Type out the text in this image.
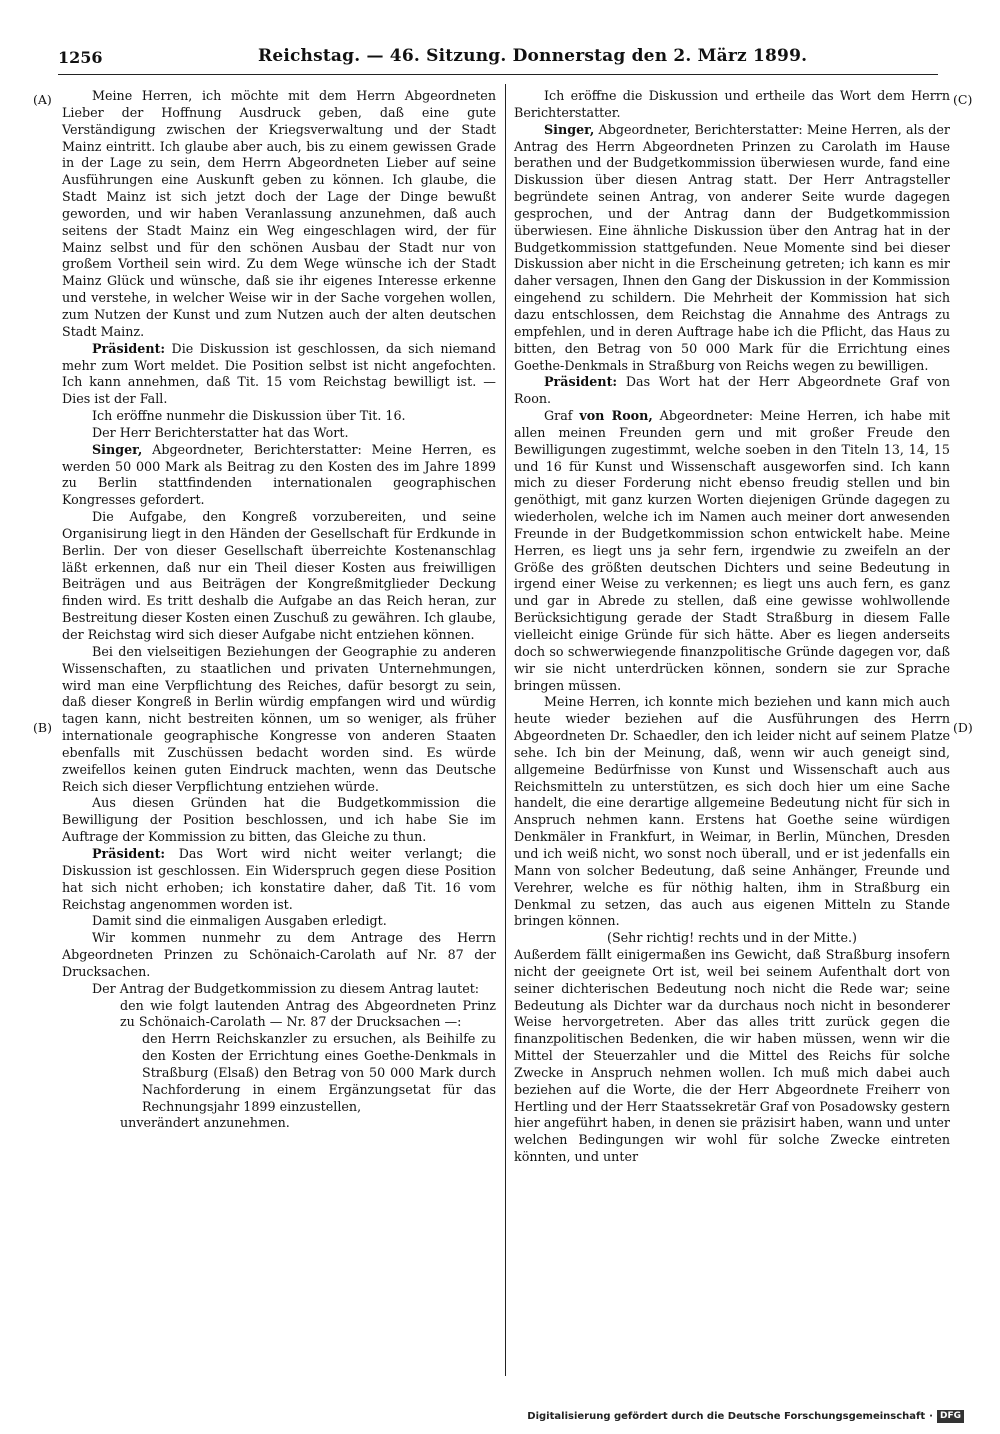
1256	Reichstag. — 46. Sitzung. Donnerstag den 2. März 1899.
(A)
(B)
(C)
(D)

Meine Herren, ich möchte mit dem Herrn Abgeordneten Lieber der Hoffnung Ausdruck geben, daß eine gute Verständigung zwischen der Kriegsverwaltung und der Stadt Mainz eintritt. Ich glaube aber auch, bis zu einem gewissen Grade in der Lage zu sein, dem Herrn Abgeordneten Lieber auf seine Ausführungen eine Auskunft geben zu können. Ich glaube, die Stadt Mainz ist sich jetzt doch der Lage der Dinge bewußt geworden, und wir haben Veranlassung anzunehmen, daß auch seitens der Stadt Mainz ein Weg eingeschlagen wird, der für Mainz selbst und für den schönen Ausbau der Stadt nur von großem Vortheil sein wird. Zu dem Wege wünsche ich der Stadt Mainz Glück und wünsche, daß sie ihr eigenes Interesse erkenne und verstehe, in welcher Weise wir in der Sache vorgehen wollen, zum Nutzen der Kunst und zum Nutzen auch der alten deutschen Stadt Mainz.

Präsident: Die Diskussion ist geschlossen, da sich niemand mehr zum Wort meldet. Die Position selbst ist nicht angefochten. Ich kann annehmen, daß Tit. 15 vom Reichstag bewilligt ist. — Dies ist der Fall.

Ich eröffne nunmehr die Diskussion über Tit. 16.

Der Herr Berichterstatter hat das Wort.

Singer, Abgeordneter, Berichterstatter: Meine Herren, es werden 50 000 Mark als Beitrag zu den Kosten des im Jahre 1899 zu Berlin stattfindenden internationalen geographischen Kongresses gefordert.

Die Aufgabe, den Kongreß vorzubereiten, und seine Organisirung liegt in den Händen der Gesellschaft für Erdkunde in Berlin. Der von dieser Gesellschaft überreichte Kostenanschlag läßt erkennen, daß nur ein Theil dieser Kosten aus freiwilligen Beiträgen und aus Beiträgen der Kongreßmitglieder Deckung finden wird. Es tritt deshalb die Aufgabe an das Reich heran, zur Bestreitung dieser Kosten einen Zuschuß zu gewähren. Ich glaube, der Reichstag wird sich dieser Aufgabe nicht entziehen können.

Bei den vielseitigen Beziehungen der Geographie zu anderen Wissenschaften, zu staatlichen und privaten Unternehmungen, wird man eine Verpflichtung des Reiches, dafür besorgt zu sein, daß dieser Kongreß in Berlin würdig empfangen wird und würdig tagen kann, nicht bestreiten können, um so weniger, als früher internationale geographische Kongresse von anderen Staaten ebenfalls mit Zuschüssen bedacht worden sind. Es würde zweifellos keinen guten Eindruck machten, wenn das Deutsche Reich sich dieser Verpflichtung entziehen würde.

Aus diesen Gründen hat die Budgetkommission die Bewilligung der Position beschlossen, und ich habe Sie im Auftrage der Kommission zu bitten, das Gleiche zu thun.

Präsident: Das Wort wird nicht weiter verlangt; die Diskussion ist geschlossen. Ein Widerspruch gegen diese Position hat sich nicht erhoben; ich konstatire daher, daß Tit. 16 vom Reichstag angenommen worden ist.

Damit sind die einmaligen Ausgaben erledigt.

Wir kommen nunmehr zu dem Antrage des Herrn Abgeordneten Prinzen zu Schönaich-Carolath auf Nr. 87 der Drucksachen.

Der Antrag der Budgetkommission zu diesem Antrag lautet:

den wie folgt lautenden Antrag des Abgeordneten Prinz zu Schönaich-Carolath — Nr. 87 der Drucksachen —:

den Herrn Reichskanzler zu ersuchen, als Beihilfe zu den Kosten der Errichtung eines Goethe-Denkmals in Straßburg (Elsaß) den Betrag von 50 000 Mark durch Nachforderung in einem Ergänzungsetat für das Rechnungsjahr 1899 einzustellen,

unverändert anzunehmen.

Ich eröffne die Diskussion und ertheile das Wort dem Herrn Berichterstatter.

Singer, Abgeordneter, Berichterstatter: Meine Herren, als der Antrag des Herrn Abgeordneten Prinzen zu Carolath im Hause berathen und der Budgetkommission überwiesen wurde, fand eine Diskussion über diesen Antrag statt. Der Herr Antragsteller begründete seinen Antrag, von anderer Seite wurde dagegen gesprochen, und der Antrag dann der Budgetkommission überwiesen. Eine ähnliche Diskussion über den Antrag hat in der Budgetkommission stattgefunden. Neue Momente sind bei dieser Diskussion aber nicht in die Erscheinung getreten; ich kann es mir daher versagen, Ihnen den Gang der Diskussion in der Kommission eingehend zu schildern. Die Mehrheit der Kommission hat sich dazu entschlossen, dem Reichstag die Annahme des Antrags zu empfehlen, und in deren Auftrage habe ich die Pflicht, das Haus zu bitten, den Betrag von 50 000 Mark für die Errichtung eines Goethe-Denkmals in Straßburg von Reichs wegen zu bewilligen.

Präsident: Das Wort hat der Herr Abgeordnete Graf von Roon.

Graf von Roon, Abgeordneter: Meine Herren, ich habe mit allen meinen Freunden gern und mit großer Freude den Bewilligungen zugestimmt, welche soeben in den Titeln 13, 14, 15 und 16 für Kunst und Wissenschaft ausgeworfen sind. Ich kann mich zu dieser Forderung nicht ebenso freudig stellen und bin genöthigt, mit ganz kurzen Worten diejenigen Gründe dagegen zu wiederholen, welche ich im Namen auch meiner dort anwesenden Freunde in der Budgetkommission schon entwickelt habe. Meine Herren, es liegt uns ja sehr fern, irgendwie zu zweifeln an der Größe des größten deutschen Dichters und seine Bedeutung in irgend einer Weise zu verkennen; es liegt uns auch fern, es ganz und gar in Abrede zu stellen, daß eine gewisse wohlwollende Berücksichtigung gerade der Stadt Straßburg in diesem Falle vielleicht einige Gründe für sich hätte. Aber es liegen anderseits doch so schwerwiegende finanzpolitische Gründe dagegen vor, daß wir sie nicht unterdrücken können, sondern sie zur Sprache bringen müssen.

Meine Herren, ich konnte mich beziehen und kann mich auch heute wieder beziehen auf die Ausführungen des Herrn Abgeordneten Dr. Schaedler, den ich leider nicht auf seinem Platze sehe. Ich bin der Meinung, daß, wenn wir auch geneigt sind, allgemeine Bedürfnisse von Kunst und Wissenschaft auch aus Reichsmitteln zu unterstützen, es sich doch hier um eine Sache handelt, die eine derartige allgemeine Bedeutung nicht für sich in Anspruch nehmen kann. Erstens hat Goethe seine würdigen Denkmäler in Frankfurt, in Weimar, in Berlin, München, Dresden und ich weiß nicht, wo sonst noch überall, und er ist jedenfalls ein Mann von solcher Bedeutung, daß seine Anhänger, Freunde und Verehrer, welche es für nöthig halten, ihm in Straßburg ein Denkmal zu setzen, das auch aus eigenen Mitteln zu Stande bringen können.

(Sehr richtig! rechts und in der Mitte.)

Außerdem fällt einigermaßen ins Gewicht, daß Straßburg insofern nicht der geeignete Ort ist, weil bei seinem Aufenthalt dort von seiner dichterischen Bedeutung noch nicht die Rede war; seine Bedeutung als Dichter war da durchaus noch nicht in besonderer Weise hervorgetreten. Aber das alles tritt zurück gegen die finanzpolitischen Bedenken, die wir haben müssen, wenn wir die Mittel der Steuerzahler und die Mittel des Reichs für solche Zwecke in Anspruch nehmen wollen. Ich muß mich dabei auch beziehen auf die Worte, die der Herr Abgeordnete Freiherr von Hertling und der Herr Staatssekretär Graf von Posadowsky gestern hier angeführt haben, in denen sie präzisirt haben, wann und unter welchen Bedingungen wir wohl für solche Zwecke eintreten könnten, und unter

Digitalisierung gefördert durch die Deutsche Forschungsgemeinschaft · DFG
